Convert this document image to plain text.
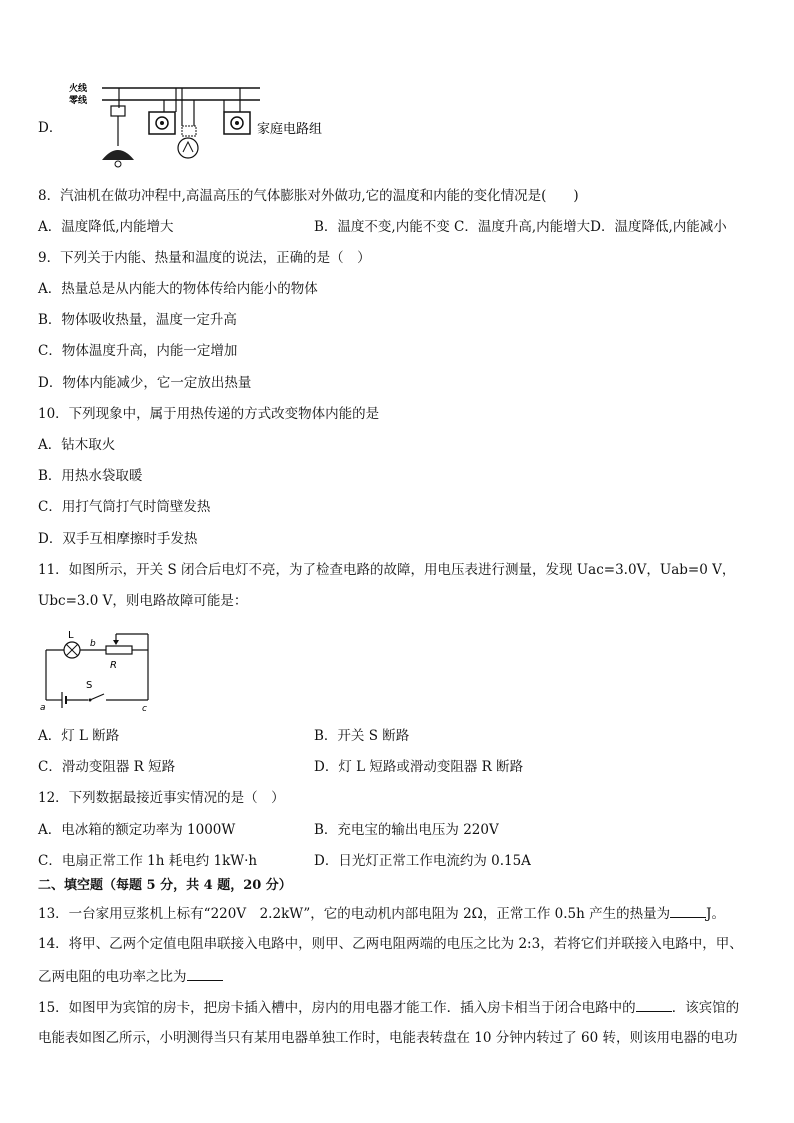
D．
火线
零线
家庭电路组
8．汽油机在做功冲程中,高温高压的气体膨胀对外做功,它的温度和内能的变化情况是(　　)
A．温度降低,内能增大	B．温度不变,内能不变 C．温度升高,内能增大D．温度降低,内能减小
9．下列关于内能、热量和温度的说法，正确的是（　）
A．热量总是从内能大的物体传给内能小的物体
B．物体吸收热量，温度一定升高
C．物体温度升高，内能一定增加
D．物体内能减少，它一定放出热量
10．下列现象中，属于用热传递的方式改变物体内能的是
A．钻木取火
B．用热水袋取暖
C．用打气筒打气时筒壁发热
D．双手互相摩擦时手发热
11．如图所示，开关 S 闭合后电灯不亮，为了检查电路的故障，用电压表进行测量，发现 Uac=3.0V，Uab=0 V，
Ubc=3.0 V，则电路故障可能是：
L
b
R
S
a	c
A．灯 L 断路	B．开关 S 断路
C．滑动变阻器 R 短路	D．灯 L 短路或滑动变阻器 R 断路
12．下列数据最接近事实情况的是（　）
A．电冰箱的额定功率为 1000W	B．充电宝的输出电压为 220V
C．电扇正常工作 1h 耗电约 1kW·h	D．日光灯正常工作电流约为 0.15A
二、填空题（每题 5 分，共 4 题，20 分）
13．一台家用豆浆机上标有“220V　2.2kW”，它的电动机内部电阻为 2Ω，正常工作 0.5h 产生的热量为	J。
14．将甲、乙两个定值电阻串联接入电路中，则甲、乙两电阻两端的电压之比为 2:3，若将它们并联接入电路中，甲、
乙两电阻的电功率之比为
15．如图甲为宾馆的房卡，把房卡插入槽中，房内的用电器才能工作．插入房卡相当于闭合电路中的	．该宾馆的
电能表如图乙所示，小明测得当只有某用电器单独工作时，电能表转盘在 10 分钟内转过了 60 转，则该用电器的电功
